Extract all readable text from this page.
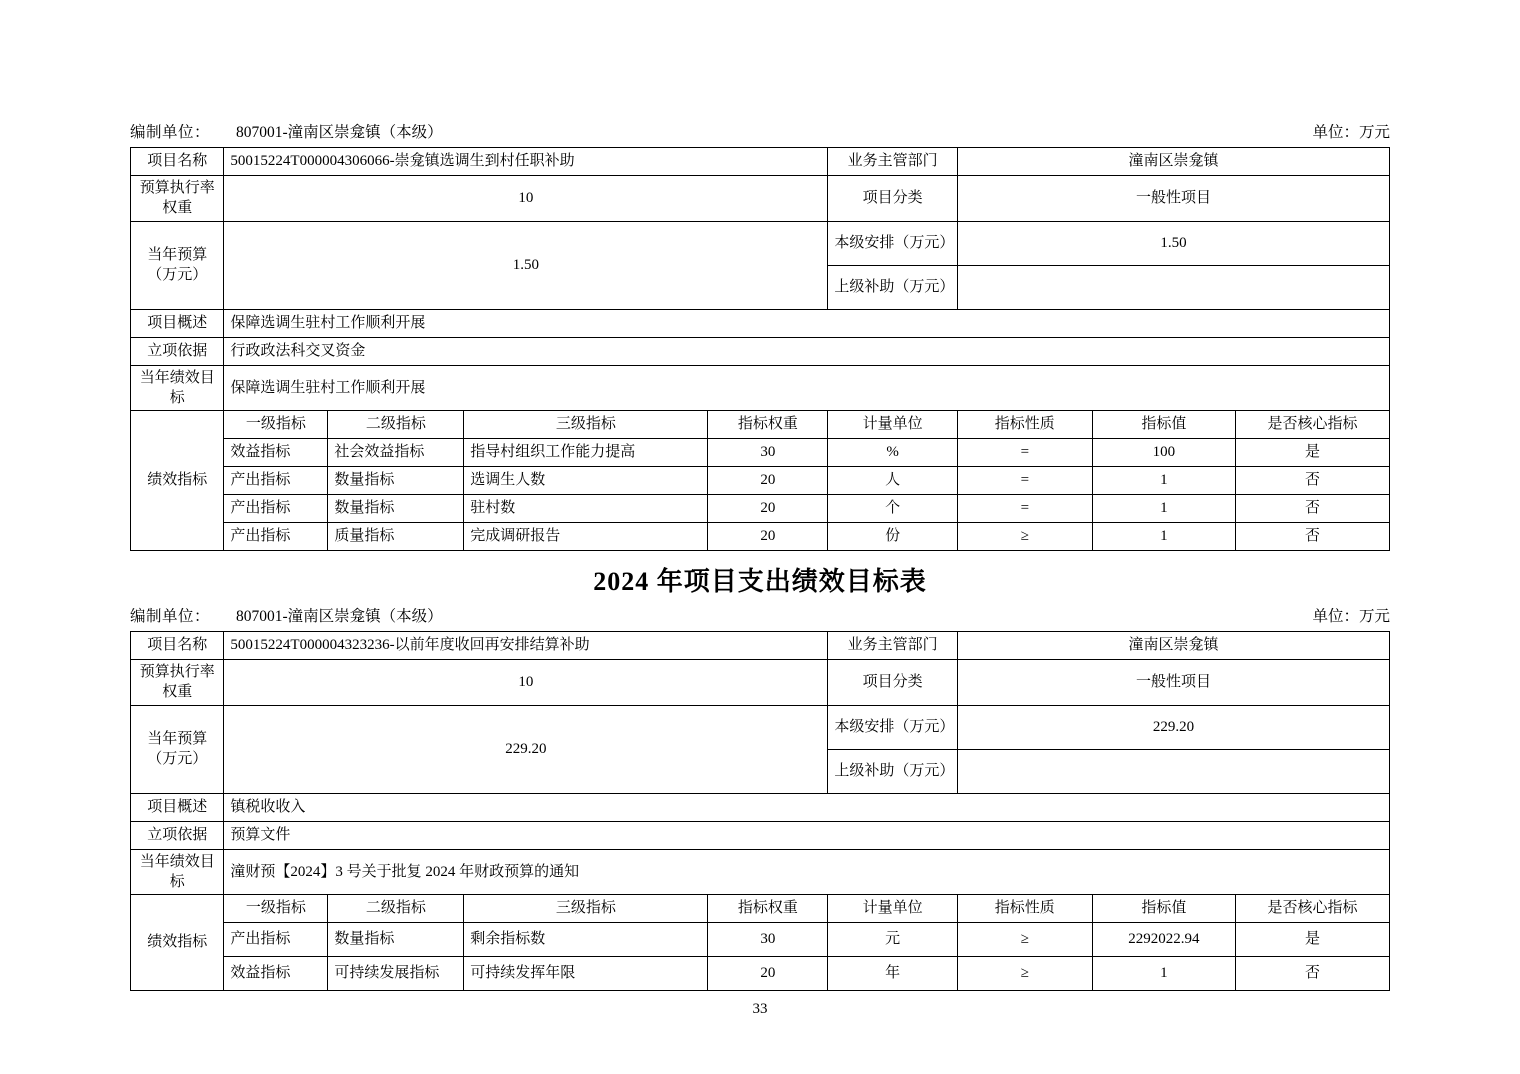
编制单位： 807001-潼南区崇龛镇（本级）	单位：万元
项目名称	50015224T000004306066-崇龛镇选调生到村任职补助				业务主管部门	潼南区崇龛镇		
预算执行率权重	10				项目分类	一般性项目		
当年预算（万元）	1.50				本级安排（万元）	1.50		
					上级补助（万元）			
项目概述	保障选调生驻村工作顺利开展							
立项依据	行政政法科交叉资金							
当年绩效目标	保障选调生驻村工作顺利开展							
绩效指标	一级指标	二级指标	三级指标	指标权重	计量单位	指标性质	指标值	是否核心指标
	效益指标	社会效益指标	指导村组织工作能力提高	30	%	=	100	是
	产出指标	数量指标	选调生人数	20	人	=	1	否
	产出指标	数量指标	驻村数	20	个	=	1	否
	产出指标	质量指标	完成调研报告	20	份	≥	1	否
2024 年项目支出绩效目标表
编制单位： 807001-潼南区崇龛镇（本级）	单位：万元
项目名称	50015224T000004323236-以前年度收回再安排结算补助				业务主管部门	潼南区崇龛镇		
预算执行率权重	10				项目分类	一般性项目		
当年预算（万元）	229.20				本级安排（万元）	229.20		
					上级补助（万元）			
项目概述	镇税收收入							
立项依据	预算文件							
当年绩效目标	潼财预【2024】3 号关于批复 2024 年财政预算的通知							
绩效指标	一级指标	二级指标	三级指标	指标权重	计量单位	指标性质	指标值	是否核心指标
	产出指标	数量指标	剩余指标数	30	元	≥	2292022.94	是
	效益指标	可持续发展指标	可持续发挥年限	20	年	≥	1	否
33
